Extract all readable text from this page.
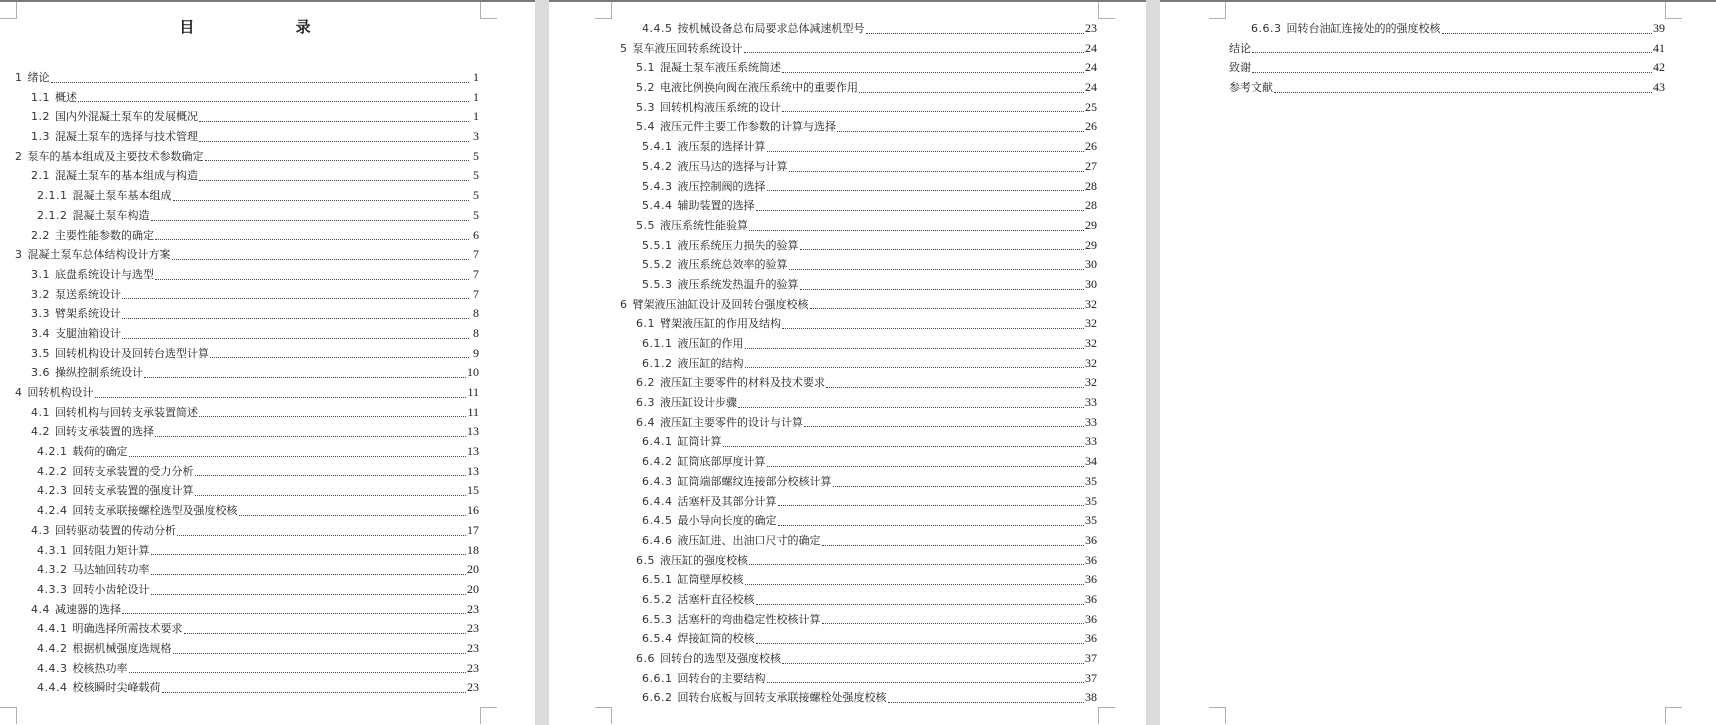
目 录
1 绪论	1
1.1 概述	1
1.2 国内外混凝土泵车的发展概况	1
1.3 混凝土泵车的选择与技术管理	3
2 泵车的基本组成及主要技术参数确定	5
2.1 混凝土泵车的基本组成与构造	5
2.1.1 混凝土泵车基本组成	5
2.1.2 混凝土泵车构造	5
2.2 主要性能参数的确定	6
3 混凝土泵车总体结构设计方案	7
3.1 底盘系统设计与选型	7
3.2 泵送系统设计	7
3.3 臂架系统设计	8
3.4 支腿油箱设计	8
3.5 回转机构设计及回转台选型计算	9
3.6 操纵控制系统设计	10
4 回转机构设计	11
4.1 回转机构与回转支承装置简述	11
4.2 回转支承装置的选择	13
4.2.1 载荷的确定	13
4.2.2 回转支承装置的受力分析	13
4.2.3 回转支承装置的强度计算	15
4.2.4 回转支承联接螺栓选型及强度校核	16
4.3 回转驱动装置的传动分析	17
4.3.1 回转阻力矩计算	18
4.3.2 马达轴回转功率	20
4.3.3 回转小齿轮设计	20
4.4 减速器的选择	23
4.4.1 明确选择所需技术要求	23
4.4.2 根据机械强度选规格	23
4.4.3 校核热功率	23
4.4.4 校核瞬时尖峰载荷	23
4.4.5 按机械设备总布局要求总体减速机型号	23
5 泵车液压回转系统设计	24
5.1 混凝土泵车液压系统简述	24
5.2 电液比例换向阀在液压系统中的重要作用	24
5.3 回转机构液压系统的设计	25
5.4 液压元件主要工作参数的计算与选择	26
5.4.1 液压泵的选择计算	26
5.4.2 液压马达的选择与计算	27
5.4.3 液压控制阀的选择	28
5.4.4 辅助装置的选择	28
5.5 液压系统性能验算	29
5.5.1 液压系统压力损失的验算	29
5.5.2 液压系统总效率的验算	30
5.5.3 液压系统发热温升的验算	30
6 臂架液压油缸设计及回转台强度校核	32
6.1 臂架液压缸的作用及结构	32
6.1.1 液压缸的作用	32
6.1.2 液压缸的结构	32
6.2 液压缸主要零件的材料及技术要求	32
6.3 液压缸设计步骤	33
6.4 液压缸主要零件的设计与计算	33
6.4.1 缸筒计算	33
6.4.2 缸筒底部厚度计算	34
6.4.3 缸筒端部螺纹连接部分校核计算	35
6.4.4 活塞杆及其部分计算	35
6.4.5 最小导向长度的确定	35
6.4.6 液压缸进、出油口尺寸的确定	36
6.5 液压缸的强度校核	36
6.5.1 缸筒壁厚校核	36
6.5.2 活塞杆直径校核	36
6.5.3 活塞杆的弯曲稳定性校核计算	36
6.5.4 焊接缸筒的校核	36
6.6 回转台的选型及强度校核	37
6.6.1 回转台的主要结构	37
6.6.2 回转台底板与回转支承联接螺栓处强度校核	38
6.6.3 回转台油缸连接处的的强度校核	39
结论	41
致谢	42
参考文献	43
